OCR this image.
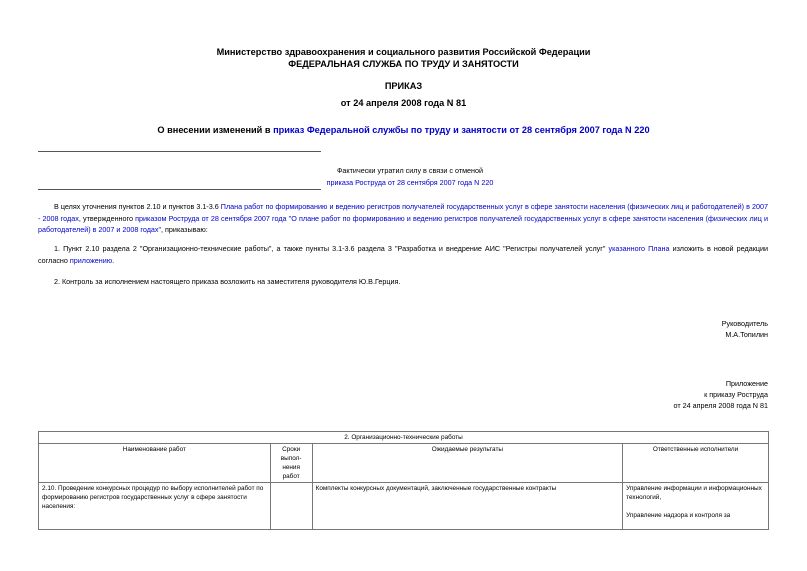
Министерство здравоохранения и социального развития Российской Федерации
ФЕДЕРАЛЬНАЯ СЛУЖБА ПО ТРУДУ И ЗАНЯТОСТИ
ПРИКАЗ
от 24 апреля 2008 года N 81
О внесении изменений в приказ Федеральной службы по труду и занятости от 28 сентября 2007 года N 220
Фактически утратил силу в связи с отменой
приказа Роструда от 28 сентября 2007 года N 220
В целях уточнения пунктов 2.10 и пунктов 3.1-3.6 Плана работ по формированию и ведению регистров получателей государственных услуг в сфере занятости населения (физических лиц и работодателей) в 2007 - 2008 годах, утвержденного приказом Роструда от 28 сентября 2007 года "О плане работ по формированию и ведению регистров получателей государственных услуг в сфере занятости населения (физических лиц и работодателей) в 2007 и 2008 годах", приказываю:
1. Пункт 2.10 раздела 2 "Организационно-технические работы", а также пункты 3.1-3.6 раздела 3 "Разработка и внедрение АИС "Регистры получателей услуг" указанного Плана изложить в новой редакции согласно приложению.
2. Контроль за исполнением настоящего приказа возложить на заместителя руководителя Ю.В.Герция.
Руководитель
М.А.Топилин
Приложение
к приказу Роструда
от 24 апреля 2008 года N 81
2. Организационно-технические работы			
Наименование работ	Сроки выпол-нения работ	Ожидаемые результаты	Ответственные исполнители
2.10. Проведение конкурсных процедур по выбору исполнителей работ по формированию регистров государственных услуг в сфере занятости населения:		Комплекты конкурсных документаций, заключенные государственные контракты	Управление информации и информационных технологий,
Управление надзора и контроля за
